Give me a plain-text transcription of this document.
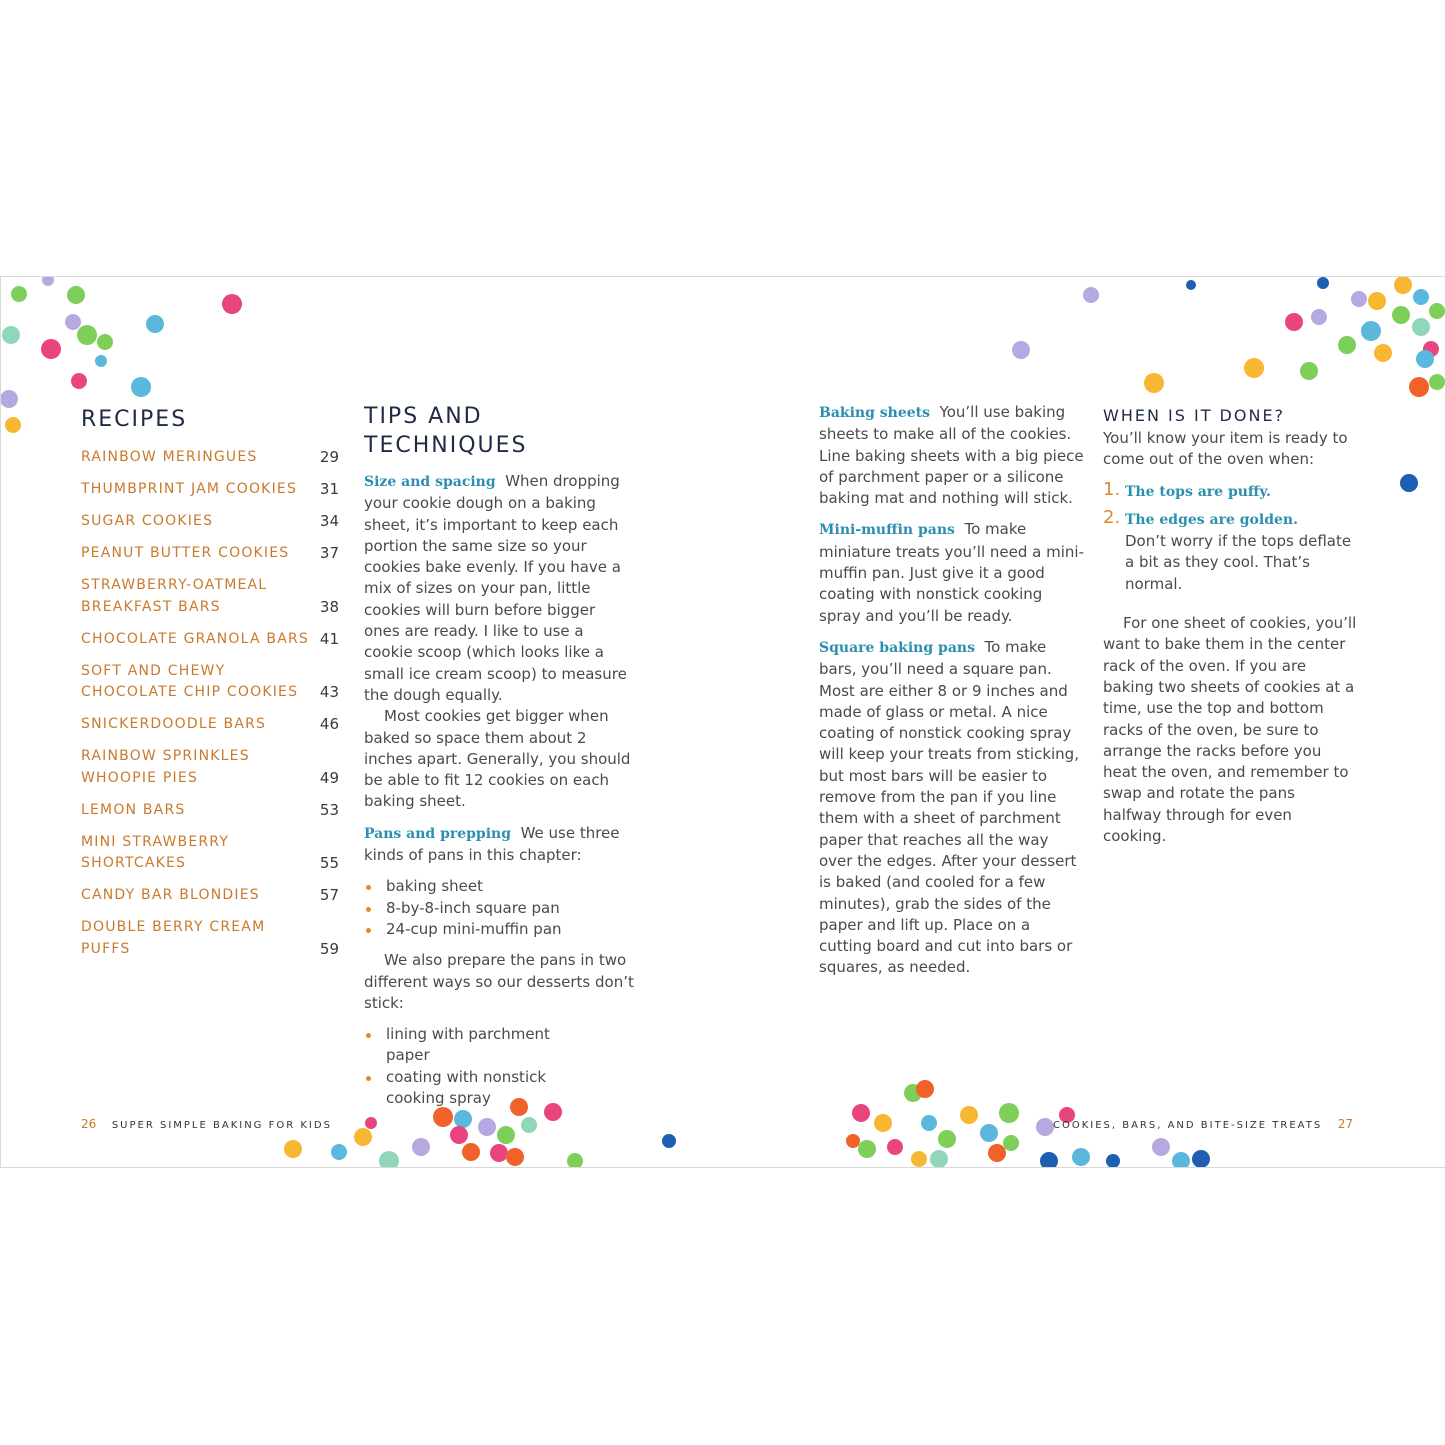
RECIPES
RAINBOW MERINGUES	29
THUMBPRINT JAM COOKIES 31
SUGAR COOKIES	34
PEANUT BUTTER COOKIES 37
STRAWBERRY-OATMEAL BREAKFAST BARS	38
CHOCOLATE GRANOLA BARS 41
SOFT AND CHEWY CHOCOLATE CHIP COOKIES 43
SNICKERDOODLE BARS	46
RAINBOW SPRINKLES WHOOPIE PIES	49
LEMON BARS	53
MINI STRAWBERRY SHORTCAKES	55
CANDY BAR BLONDIES	57
DOUBLE BERRY CREAM PUFFS	59
TIPS AND TECHNIQUES

Size and spacing When dropping your cookie dough on a baking sheet, it’s important to keep each portion the same size so your cookies bake evenly. If you have a mix of sizes on your pan, little cookies will burn before bigger ones are ready. I like to use a cookie scoop (which looks like a small ice cream scoop) to measure the dough equally.

Most cookies get bigger when baked so space them about 2 inches apart. Generally, you should be able to fit 12 cookies on each baking sheet.

Pans and prepping We use three kinds of pans in this chapter:

baking sheet
8-by-8-inch square pan
24-cup mini-muffin pan

We also prepare the pans in two different ways so our desserts don’t stick:

lining with parchment paper
coating with nonstick cooking spray
26 SUPER SIMPLE BAKING FOR KIDS

Baking sheets You’ll use baking sheets to make all of the cookies. Line baking sheets with a big piece of parchment paper or a silicone baking mat and nothing will stick.

Mini-muffin pans To make miniature treats you’ll need a mini-muffin pan. Just give it a good coating with nonstick cooking spray and you’ll be ready.

Square baking pans To make bars, you’ll need a square pan. Most are either 8 or 9 inches and made of glass or metal. A nice coating of nonstick cooking spray will keep your treats from sticking, but most bars will be easier to remove from the pan if you line them with a sheet of parchment paper that reaches all the way over the edges. After your dessert is baked (and cooled for a few minutes), grab the sides of the paper and lift up. Place on a cutting board and cut into bars or squares, as needed.

WHEN IS IT DONE?

You’ll know your item is ready to come out of the oven when:

1. The tops are puffy.
2. The edges are golden.
Don’t worry if the tops deflate a bit as they cool. That’s normal.

For one sheet of cookies, you’ll want to bake them in the center rack of the oven. If you are baking two sheets of cookies at a time, use the top and bottom racks of the oven, be sure to arrange the racks before you heat the oven, and remember to swap and rotate the pans halfway through for even cooking.

COOKIES, BARS, AND BITE-SIZE TREATS 27
